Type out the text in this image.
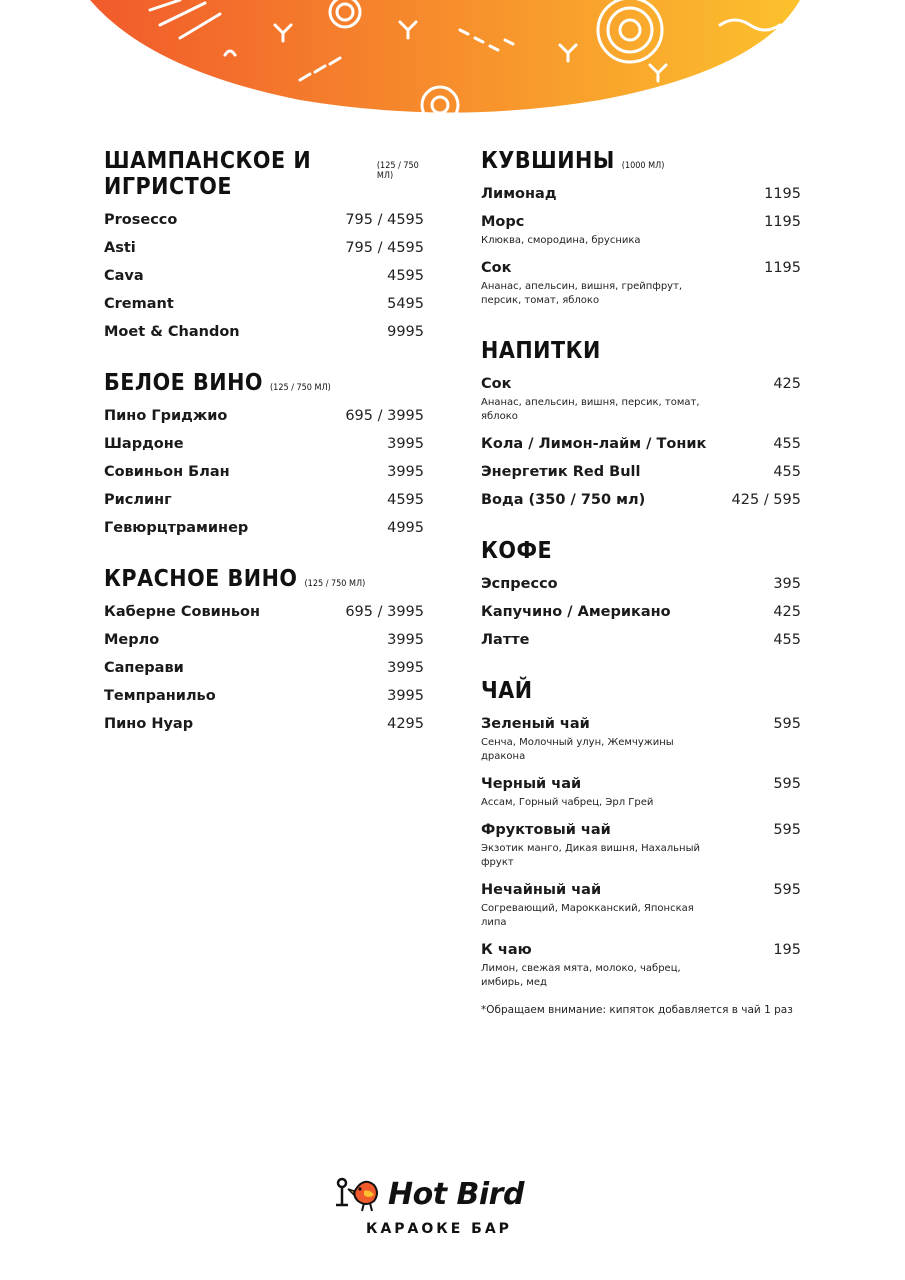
ШАМПАНСКОЕ И ИГРИСТОЕ
(125 / 750 МЛ)
Prosecco	795 / 4595
Asti	795 / 4595
Cava	4595
Cremant	5495
Moet & Chandon	9995
БЕЛОЕ ВИНО (125 / 750 МЛ)
Пино Гриджио	695 / 3995
Шардоне	3995
Совиньон Блан	3995
Рислинг	4595
Гевюрцтраминер	4995
КРАСНОЕ ВИНО (125 / 750 МЛ)
Каберне Совиньон	695 / 3995
Мерло	3995
Саперави	3995
Темпранильо	3995
Пино Нуар	4295
КУВШИНЫ (1000 МЛ)
Лимонад	1195
Морс	1195
Клюква, смородина, брусника
Сок	1195
Ананас, апельсин, вишня, грейпфрут, персик, томат, яблоко
НАПИТКИ
Сок	425
Ананас, апельсин, вишня, персик, томат, яблоко
Кола / Лимон-лайм / Тоник	455
Энергетик Red Bull	455
Вода (350 / 750 мл)	425 / 595
КОФЕ
Эспрессо	395
Капучино / Американо	425
Латте	455
ЧАЙ
Зеленый чай	595
Сенча, Молочный улун, Жемчужины дракона
Черный чай	595
Ассам, Горный чабрец, Эрл Грей
Фруктовый чай	595
Экзотик манго, Дикая вишня, Нахальный фрукт
Нечайный чай	595
Согревающий, Марокканский, Японская липа
К чаю	195
Лимон, свежая мята, молоко, чабрец, имбирь, мед
*Обращаем внимание: кипяток добавляется в чай 1 раз
Hot Bird
КАРАОКЕ БАР
